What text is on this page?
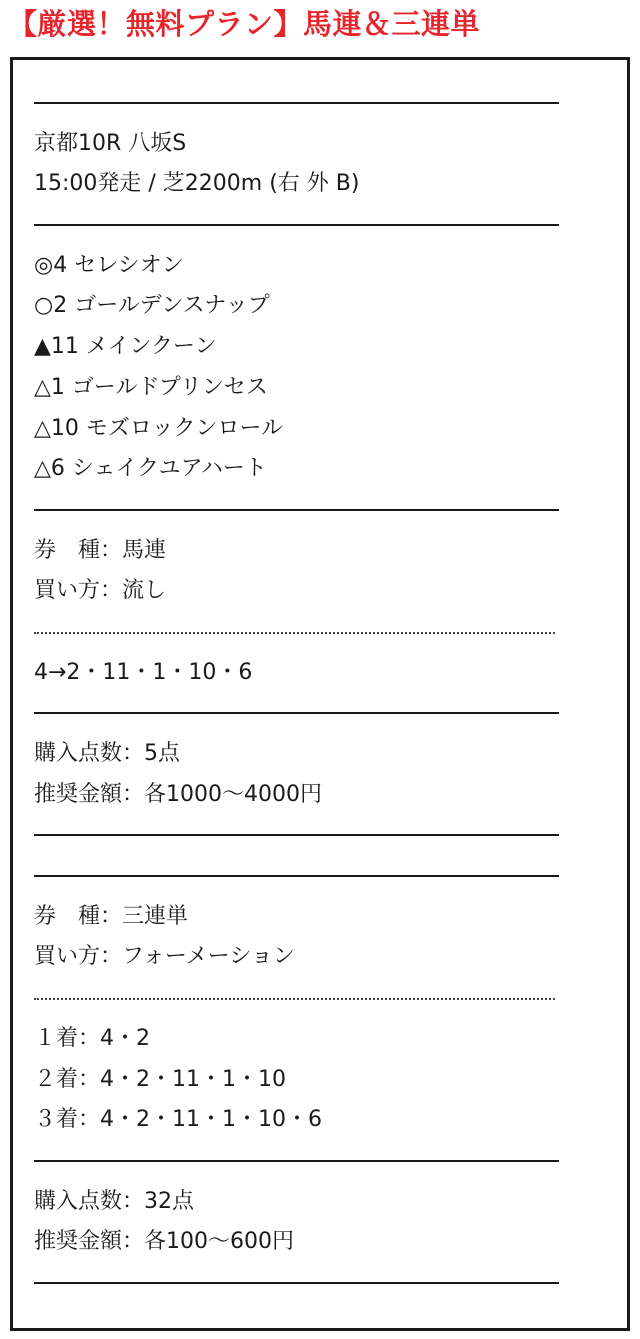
【厳選！無料プラン】馬連＆三連単
京都10R 八坂S
15:00発走 / 芝2200m (右 外 B)
◎4 セレシオン
○2 ゴールデンスナップ
▲11 メインクーン
△1 ゴールドプリンセス
△10 モズロックンロール
△6 シェイクユアハート
券　種：馬連
買い方：流し
4→2・11・1・10・6
購入点数：5点
推奨金額：各1000〜4000円
券　種：三連単
買い方：フォーメーション
１着：4・2
２着：4・2・11・1・10
３着：4・2・11・1・10・6
購入点数：32点
推奨金額：各100〜600円
